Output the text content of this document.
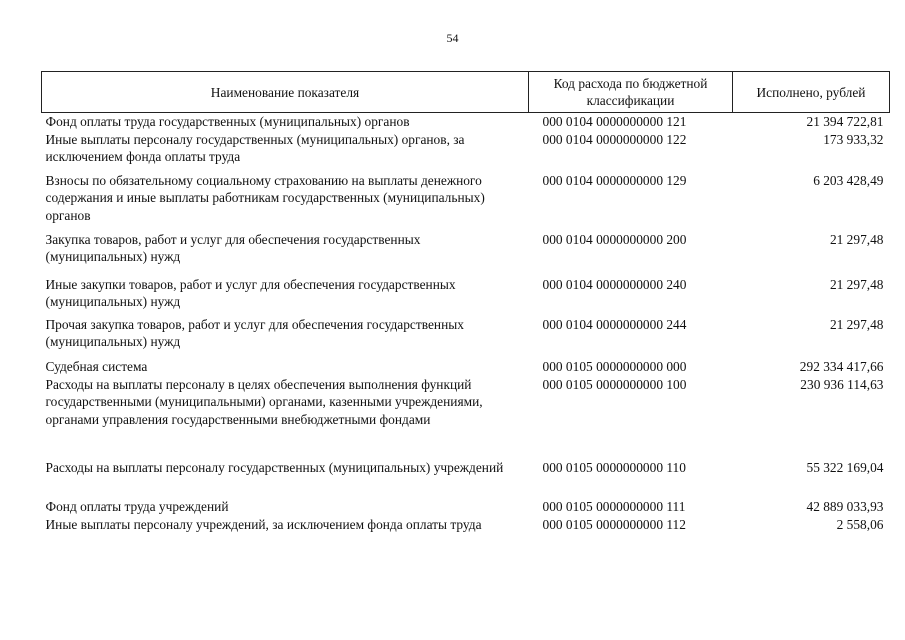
54
Наименование показателя	Код расхода по бюджетной классификации	Исполнено, рублей
Фонд оплаты труда государственных (муниципальных) органов	000 0104 0000000000 121	21 394 722,81
Иные выплаты персоналу государственных (муниципальных) органов, за исключением фонда оплаты труда	000 0104 0000000000 122	173 933,32
Взносы по обязательному социальному страхованию на выплаты денежного содержания и иные выплаты работникам государственных (муниципальных) органов	000 0104 0000000000 129	6 203 428,49
Закупка товаров, работ и услуг для обеспечения государственных (муниципальных) нужд	000 0104 0000000000 200	21 297,48
Иные закупки товаров, работ и услуг для обеспечения государственных (муниципальных) нужд	000 0104 0000000000 240	21 297,48
Прочая закупка товаров, работ и услуг для обеспечения государственных (муниципальных) нужд	000 0104 0000000000 244	21 297,48
Судебная система	000 0105 0000000000 000	292 334 417,66
Расходы на выплаты персоналу в целях обеспечения выполнения функций государственными (муниципальными) органами, казенными учреждениями, органами управления государственными внебюджетными фондами	000 0105 0000000000 100	230 936 114,63
Расходы на выплаты персоналу государственных (муниципальных) учреждений	000 0105 0000000000 110	55 322 169,04
Фонд оплаты труда учреждений	000 0105 0000000000 111	42 889 033,93
Иные выплаты персоналу учреждений, за исключением фонда оплаты труда	000 0105 0000000000 112	2 558,06
